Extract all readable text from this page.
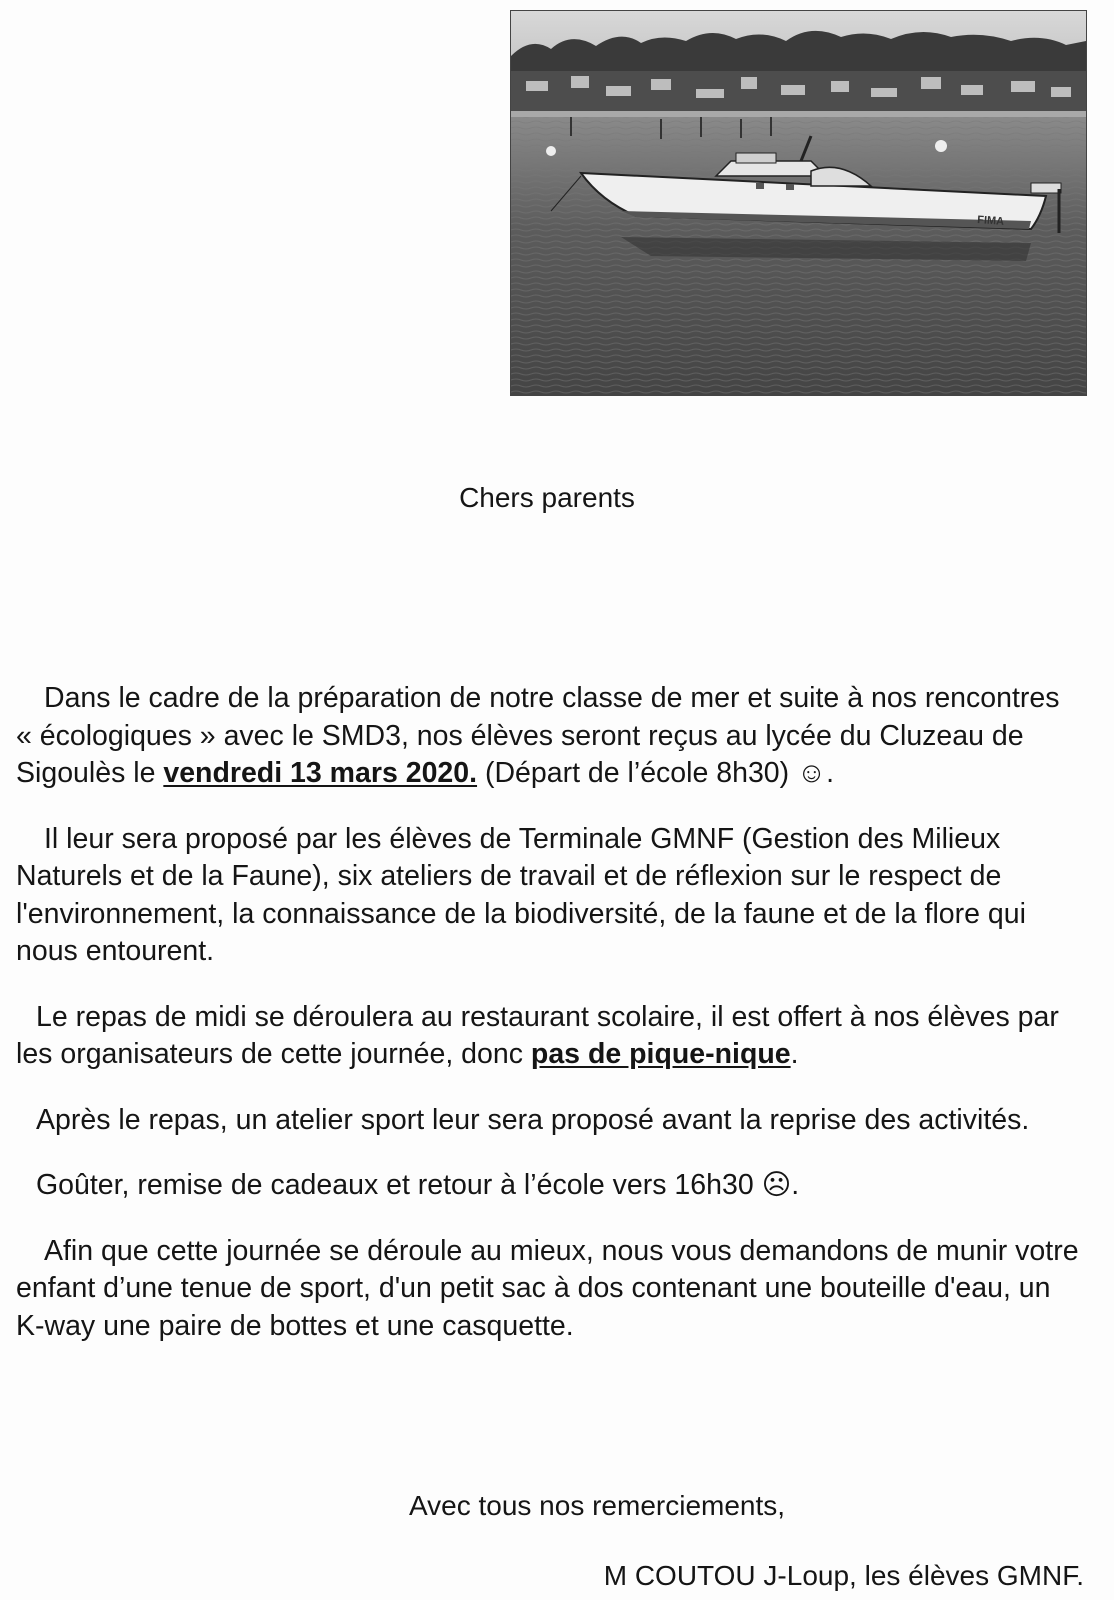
FIMA
Chers parents

Dans le cadre de la préparation de notre classe de mer et suite à nos rencontres « écologiques » avec le SMD3, nos élèves seront reçus au lycée du Cluzeau de Sigoulès le vendredi 13 mars 2020. (Départ de l’école 8h30) ☺.

Il leur sera proposé par les élèves de Terminale GMNF (Gestion des Milieux Naturels et de la Faune), six ateliers de travail et de réflexion sur le respect de l'environnement, la connaissance de la biodiversité, de la faune et de la flore qui nous entourent.

Le repas de midi se déroulera au restaurant scolaire, il est offert à nos élèves par les organisateurs de cette journée, donc pas de pique-nique.

Après le repas, un atelier sport leur sera proposé avant la reprise des activités.

Goûter, remise de cadeaux et retour à l’école vers 16h30 ☹.

Afin que cette journée se déroule au mieux, nous vous demandons de munir votre enfant d’une tenue de sport, d'un petit sac à dos contenant une bouteille d'eau, un K-way une paire de bottes et une casquette.

Avec tous nos remerciements,
M COUTOU J-Loup, les élèves GMNF.
